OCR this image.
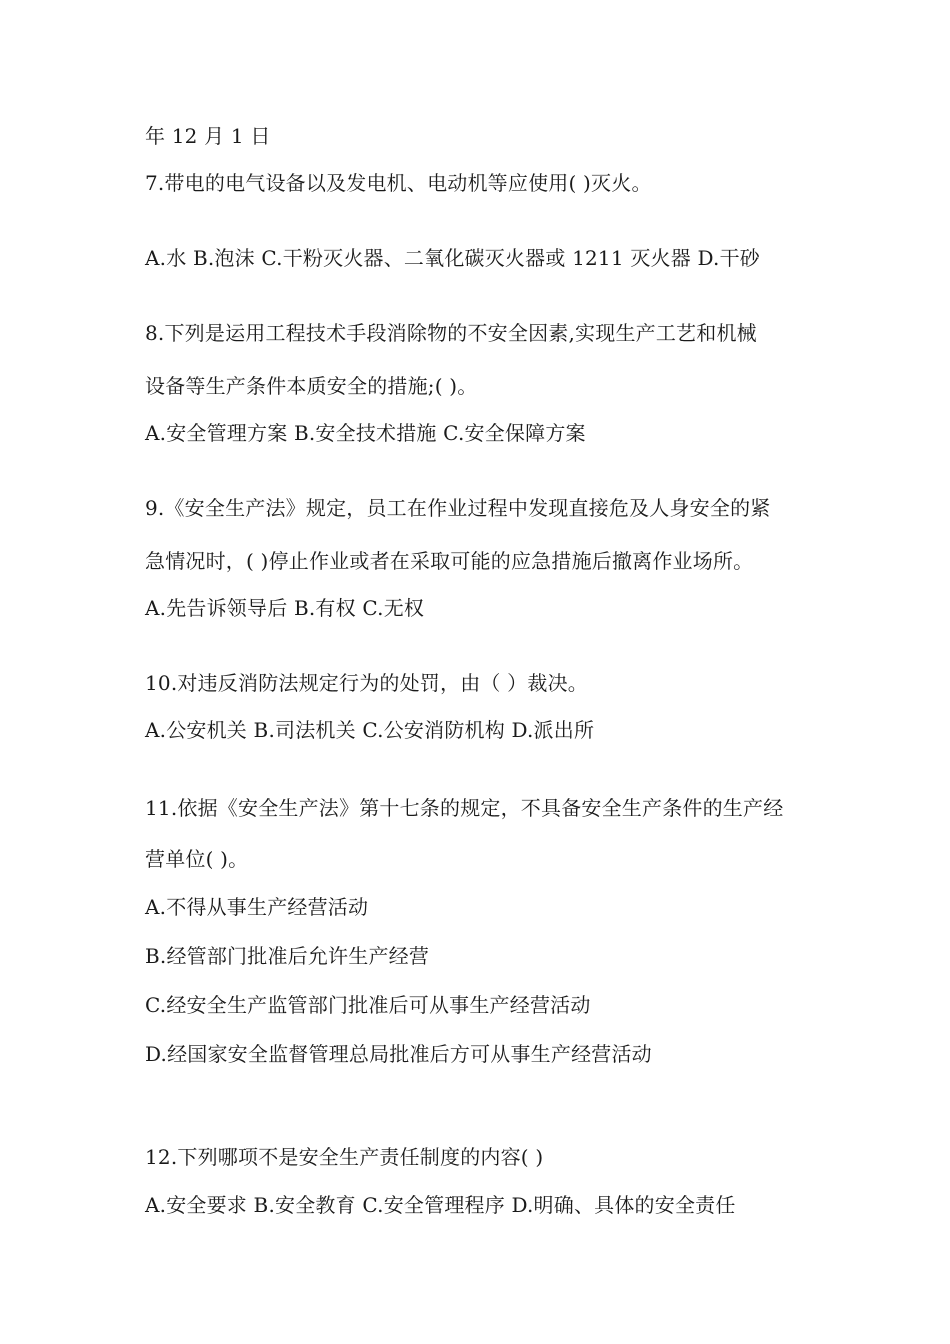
年 12 月 1 日
7.带电的电气设备以及发电机、电动机等应使用( )灭火。
A.水 B.泡沫 C.干粉灭火器、二氧化碳灭火器或 1211 灭火器 D.干砂
8.下列是运用工程技术手段消除物的不安全因素,实现生产工艺和机械
设备等生产条件本质安全的措施;( )。
A.安全管理方案 B.安全技术措施 C.安全保障方案
9.《安全生产法》规定，员工在作业过程中发现直接危及人身安全的紧
急情况时，( )停止作业或者在采取可能的应急措施后撤离作业场所。
A.先告诉领导后 B.有权 C.无权
10.对违反消防法规定行为的处罚，由（ ）裁决。
A.公安机关 B.司法机关 C.公安消防机构 D.派出所
11.依据《安全生产法》第十七条的规定，不具备安全生产条件的生产经
营单位( )。
A.不得从事生产经营活动
B.经管部门批准后允许生产经营
C.经安全生产监管部门批准后可从事生产经营活动
D.经国家安全监督管理总局批准后方可从事生产经营活动
12.下列哪项不是安全生产责任制度的内容( )
A.安全要求 B.安全教育 C.安全管理程序 D.明确、具体的安全责任
